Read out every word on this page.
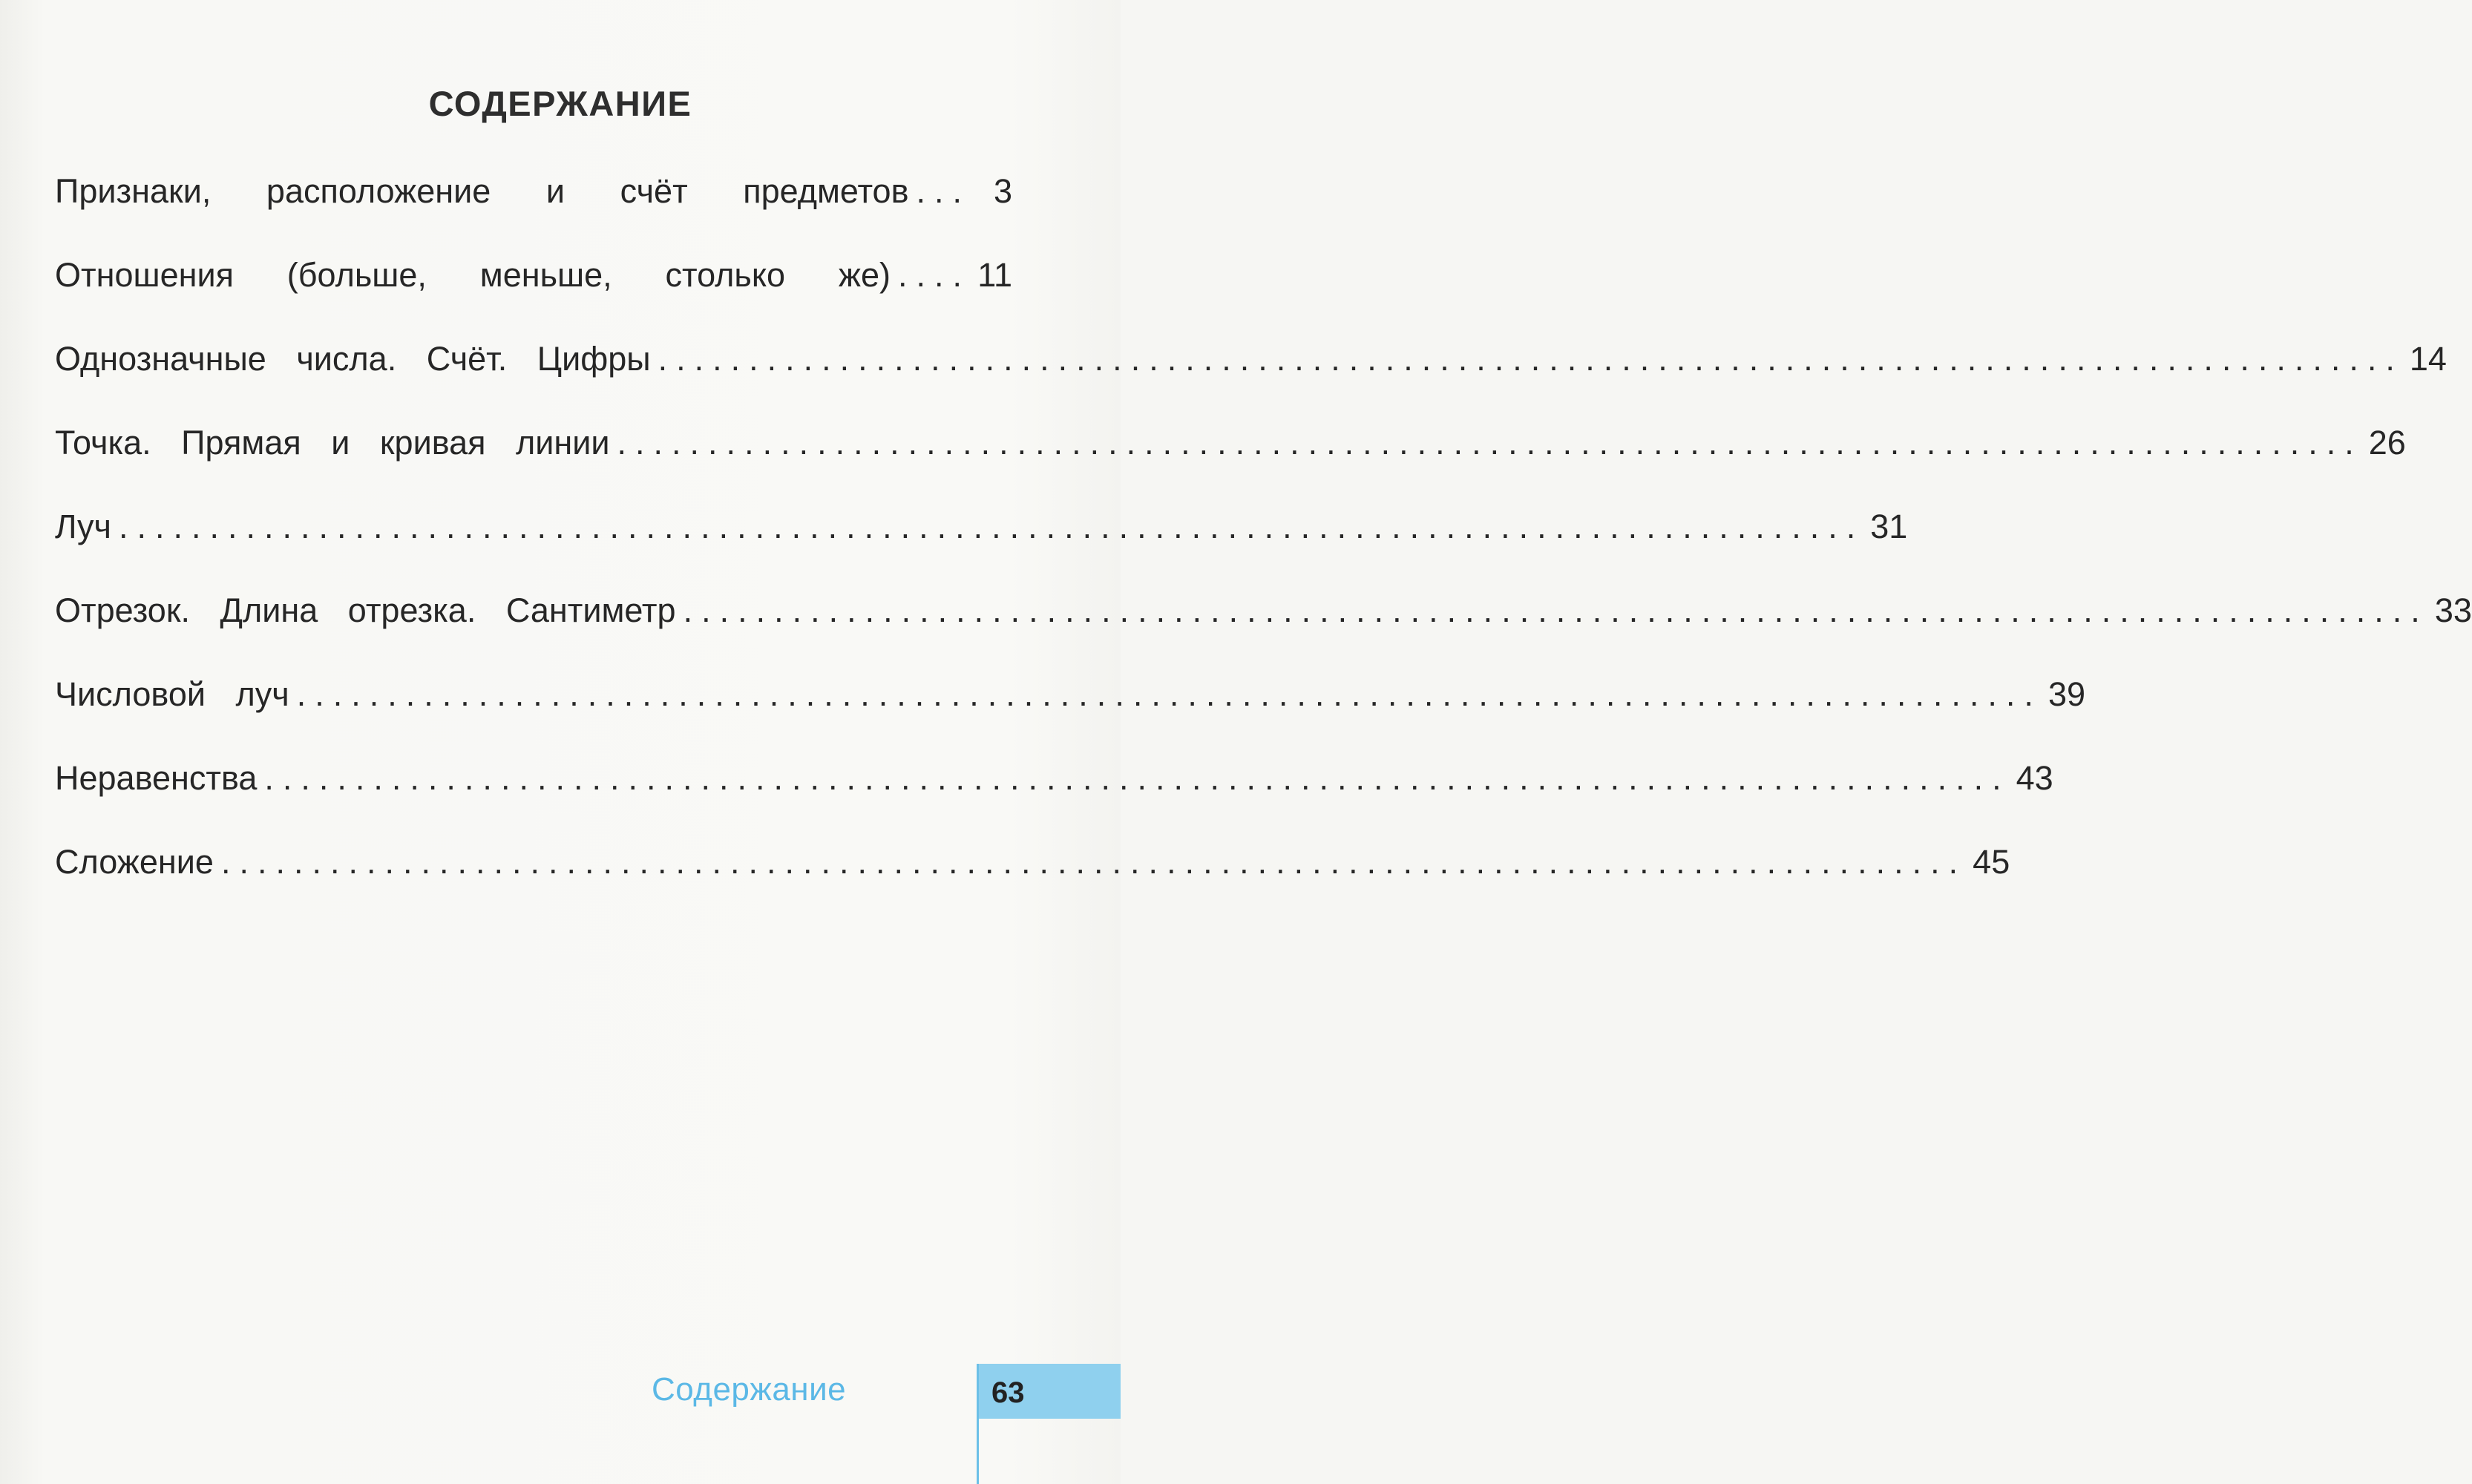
СОДЕРЖАНИЕ
Признаки, расположение и счёт предметов ... 3
Отношения (больше, меньше, столько же) .... 11
Однозначные числа. Счёт. Цифры ................................................................................................ 14
Точка. Прямая и кривая линии ................................................................................................ 26
Луч ................................................................................................ 31
Отрезок. Длина отрезка. Сантиметр ................................................................................................ 33
Числовой луч ................................................................................................ 39
Неравенства ................................................................................................ 43
Сложение ................................................................................................ 45
Содержание	63
